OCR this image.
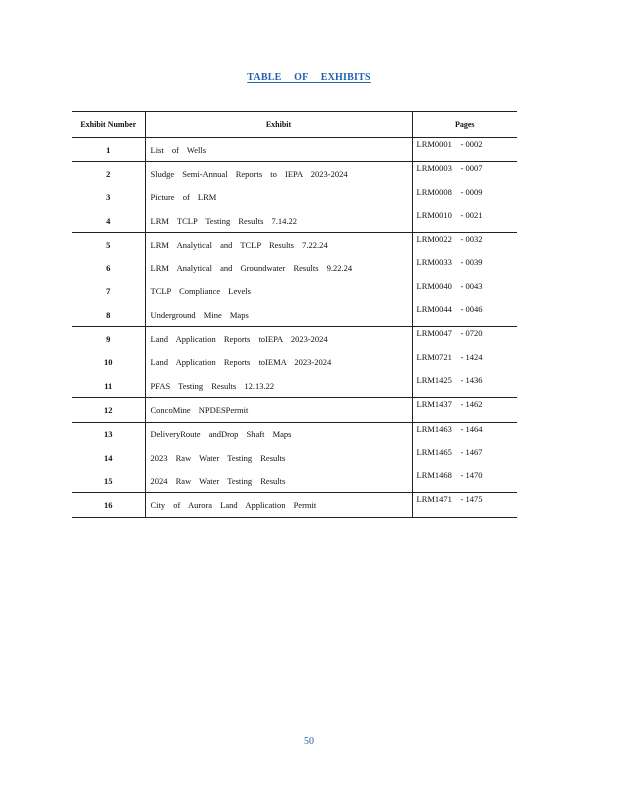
TABLE OF EXHIBITS
Exhibit Number	Exhibit	Pages
1	List of Wells	LRM0001 - 0002
2	Sludge Semi-Annual Reports to IEPA 2023-2024	LRM0003 - 0007
3	Picture of LRM	LRM0008 - 0009
4	LRM TCLP Testing Results 7.14.22	LRM0010 - 0021
5	LRM Analytical and TCLP Results 7.22.24	LRM0022 - 0032
6	LRM Analytical and Groundwater Results 9.22.24	LRM0033 - 0039
7	TCLP Compliance Levels	LRM0040 - 0043
8	Underground Mine Maps	LRM0044 - 0046
9	Land Application Reports toIEPA 2023-2024	LRM0047 - 0720
10	Land Application Reports toIEMA 2023-2024	LRM0721 - 1424
11	PFAS Testing Results 12.13.22	LRM1425 - 1436
12	ConcoMine NPDESPermit	LRM1437 - 1462
13	DeliveryRoute andDrop Shaft Maps	LRM1463 - 1464
14	2023 Raw Water Testing Results	LRM1465 - 1467
15	2024 Raw Water Testing Results	LRM1468 - 1470
16	City of Aurora Land Application Permit	LRM1471 - 1475
50
